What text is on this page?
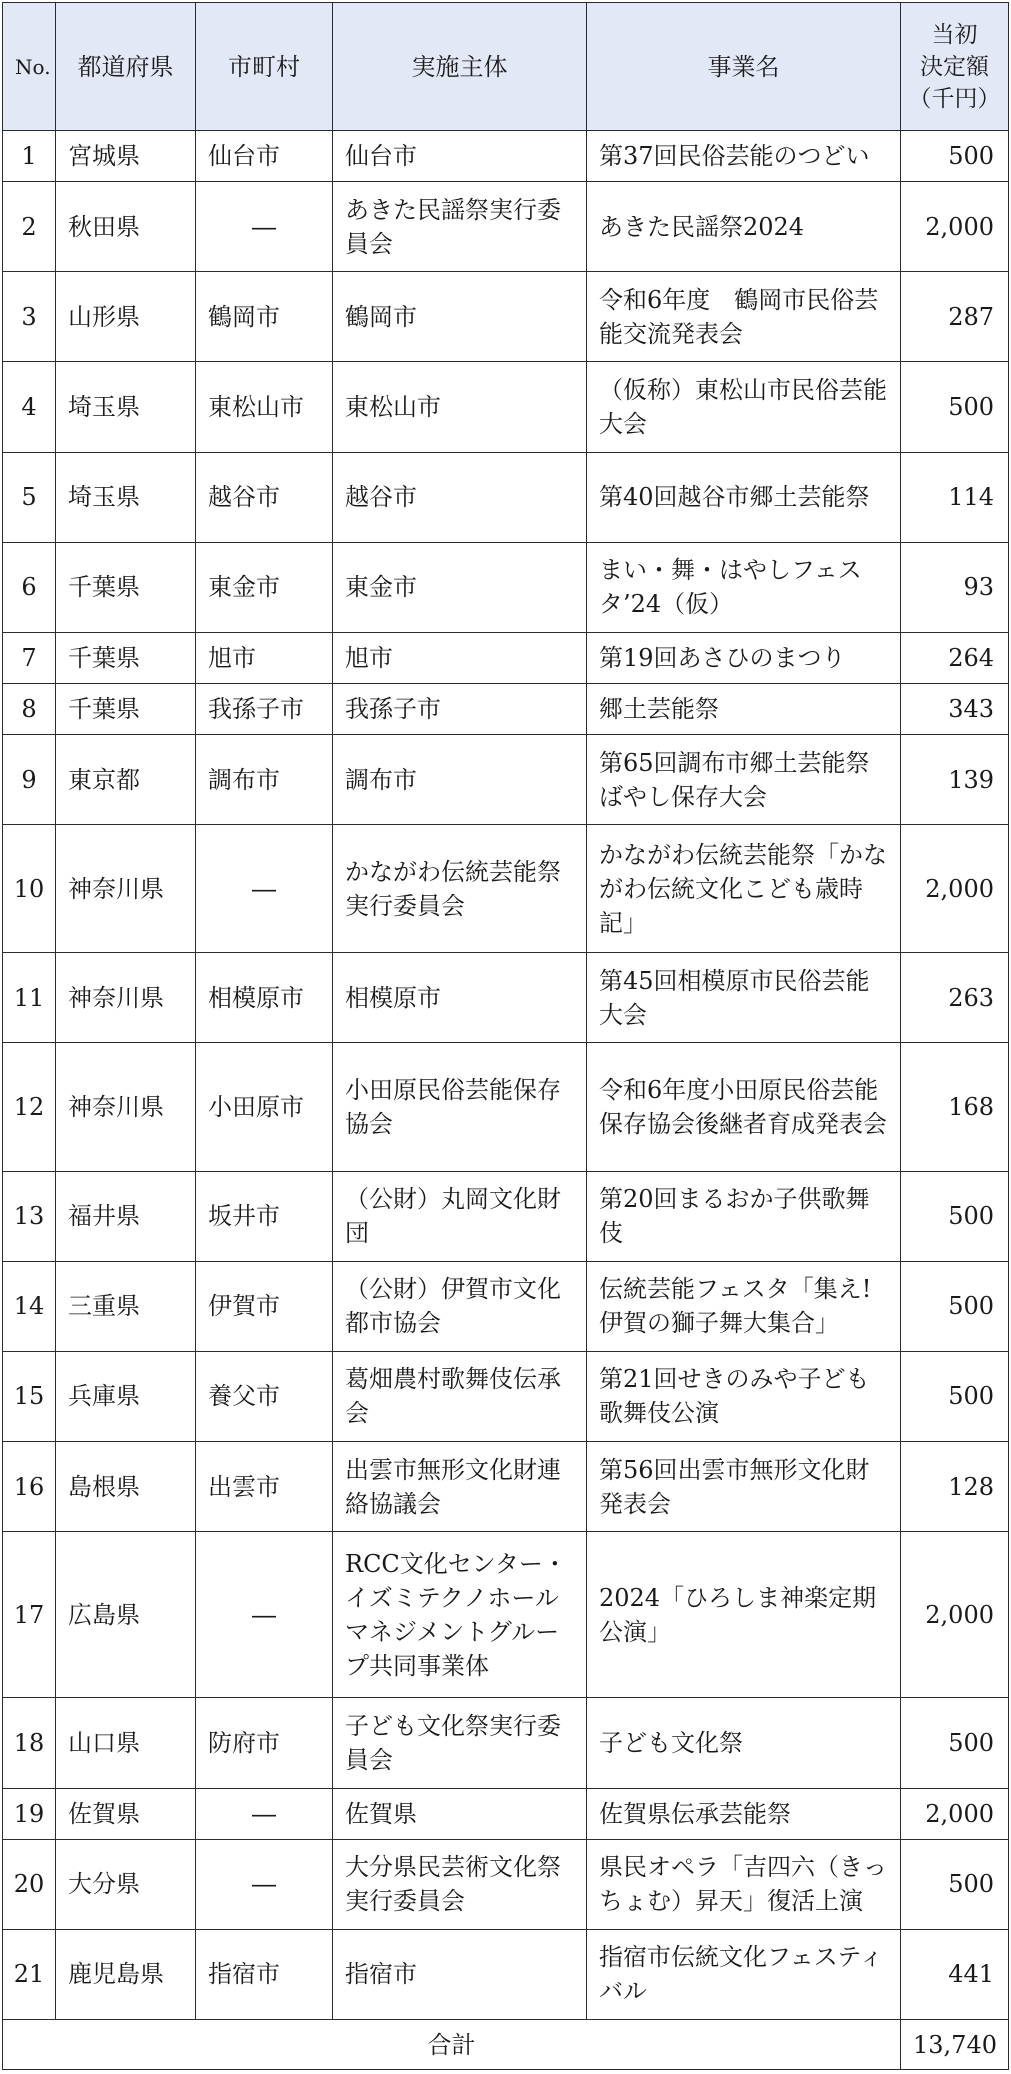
No.	都道府県	市町村	実施主体	事業名	当初
決定額
（千円）

1	宮城県	仙台市	仙台市	第37回民俗芸能のつどい	500
2	秋田県	―	あきた民謡祭実行委員会	あきた民謡祭2024	2,000
3	山形県	鶴岡市	鶴岡市	令和6年度　鶴岡市民俗芸能交流発表会	287
4	埼玉県	東松山市	東松山市	（仮称）東松山市民俗芸能大会	500
5	埼玉県	越谷市	越谷市	第40回越谷市郷土芸能祭	114
6	千葉県	東金市	東金市	まい・舞・はやしフェスタ’24（仮）	93
7	千葉県	旭市	旭市	第19回あさひのまつり	264
8	千葉県	我孫子市	我孫子市	郷土芸能祭	343
9	東京都	調布市	調布市	第65回調布市郷土芸能祭ばやし保存大会	139
10	神奈川県	―	かながわ伝統芸能祭実行委員会	かながわ伝統芸能祭「かながわ伝統文化こども歳時記」	2,000
11	神奈川県	相模原市	相模原市	第45回相模原市民俗芸能大会	263
12	神奈川県	小田原市	小田原民俗芸能保存協会	令和6年度小田原民俗芸能保存協会後継者育成発表会	168
13	福井県	坂井市	（公財）丸岡文化財団	第20回まるおか子供歌舞伎	500
14	三重県	伊賀市	（公財）伊賀市文化都市協会	伝統芸能フェスタ「集え!伊賀の獅子舞大集合」	500
15	兵庫県	養父市	葛畑農村歌舞伎伝承会	第21回せきのみや子ども歌舞伎公演	500
16	島根県	出雲市	出雲市無形文化財連絡協議会	第56回出雲市無形文化財発表会	128
17	広島県	―	RCC文化センター・イズミテクノホールマネジメントグループ共同事業体	2024「ひろしま神楽定期公演」	2,000
18	山口県	防府市	子ども文化祭実行委員会	子ども文化祭	500
19	佐賀県	―	佐賀県	佐賀県伝承芸能祭	2,000
20	大分県	―	大分県民芸術文化祭実行委員会	県民オペラ「吉四六（きっちょむ）昇天」復活上演	500
21	鹿児島県	指宿市	指宿市	指宿市伝統文化フェスティバル	441
合計					13,740
